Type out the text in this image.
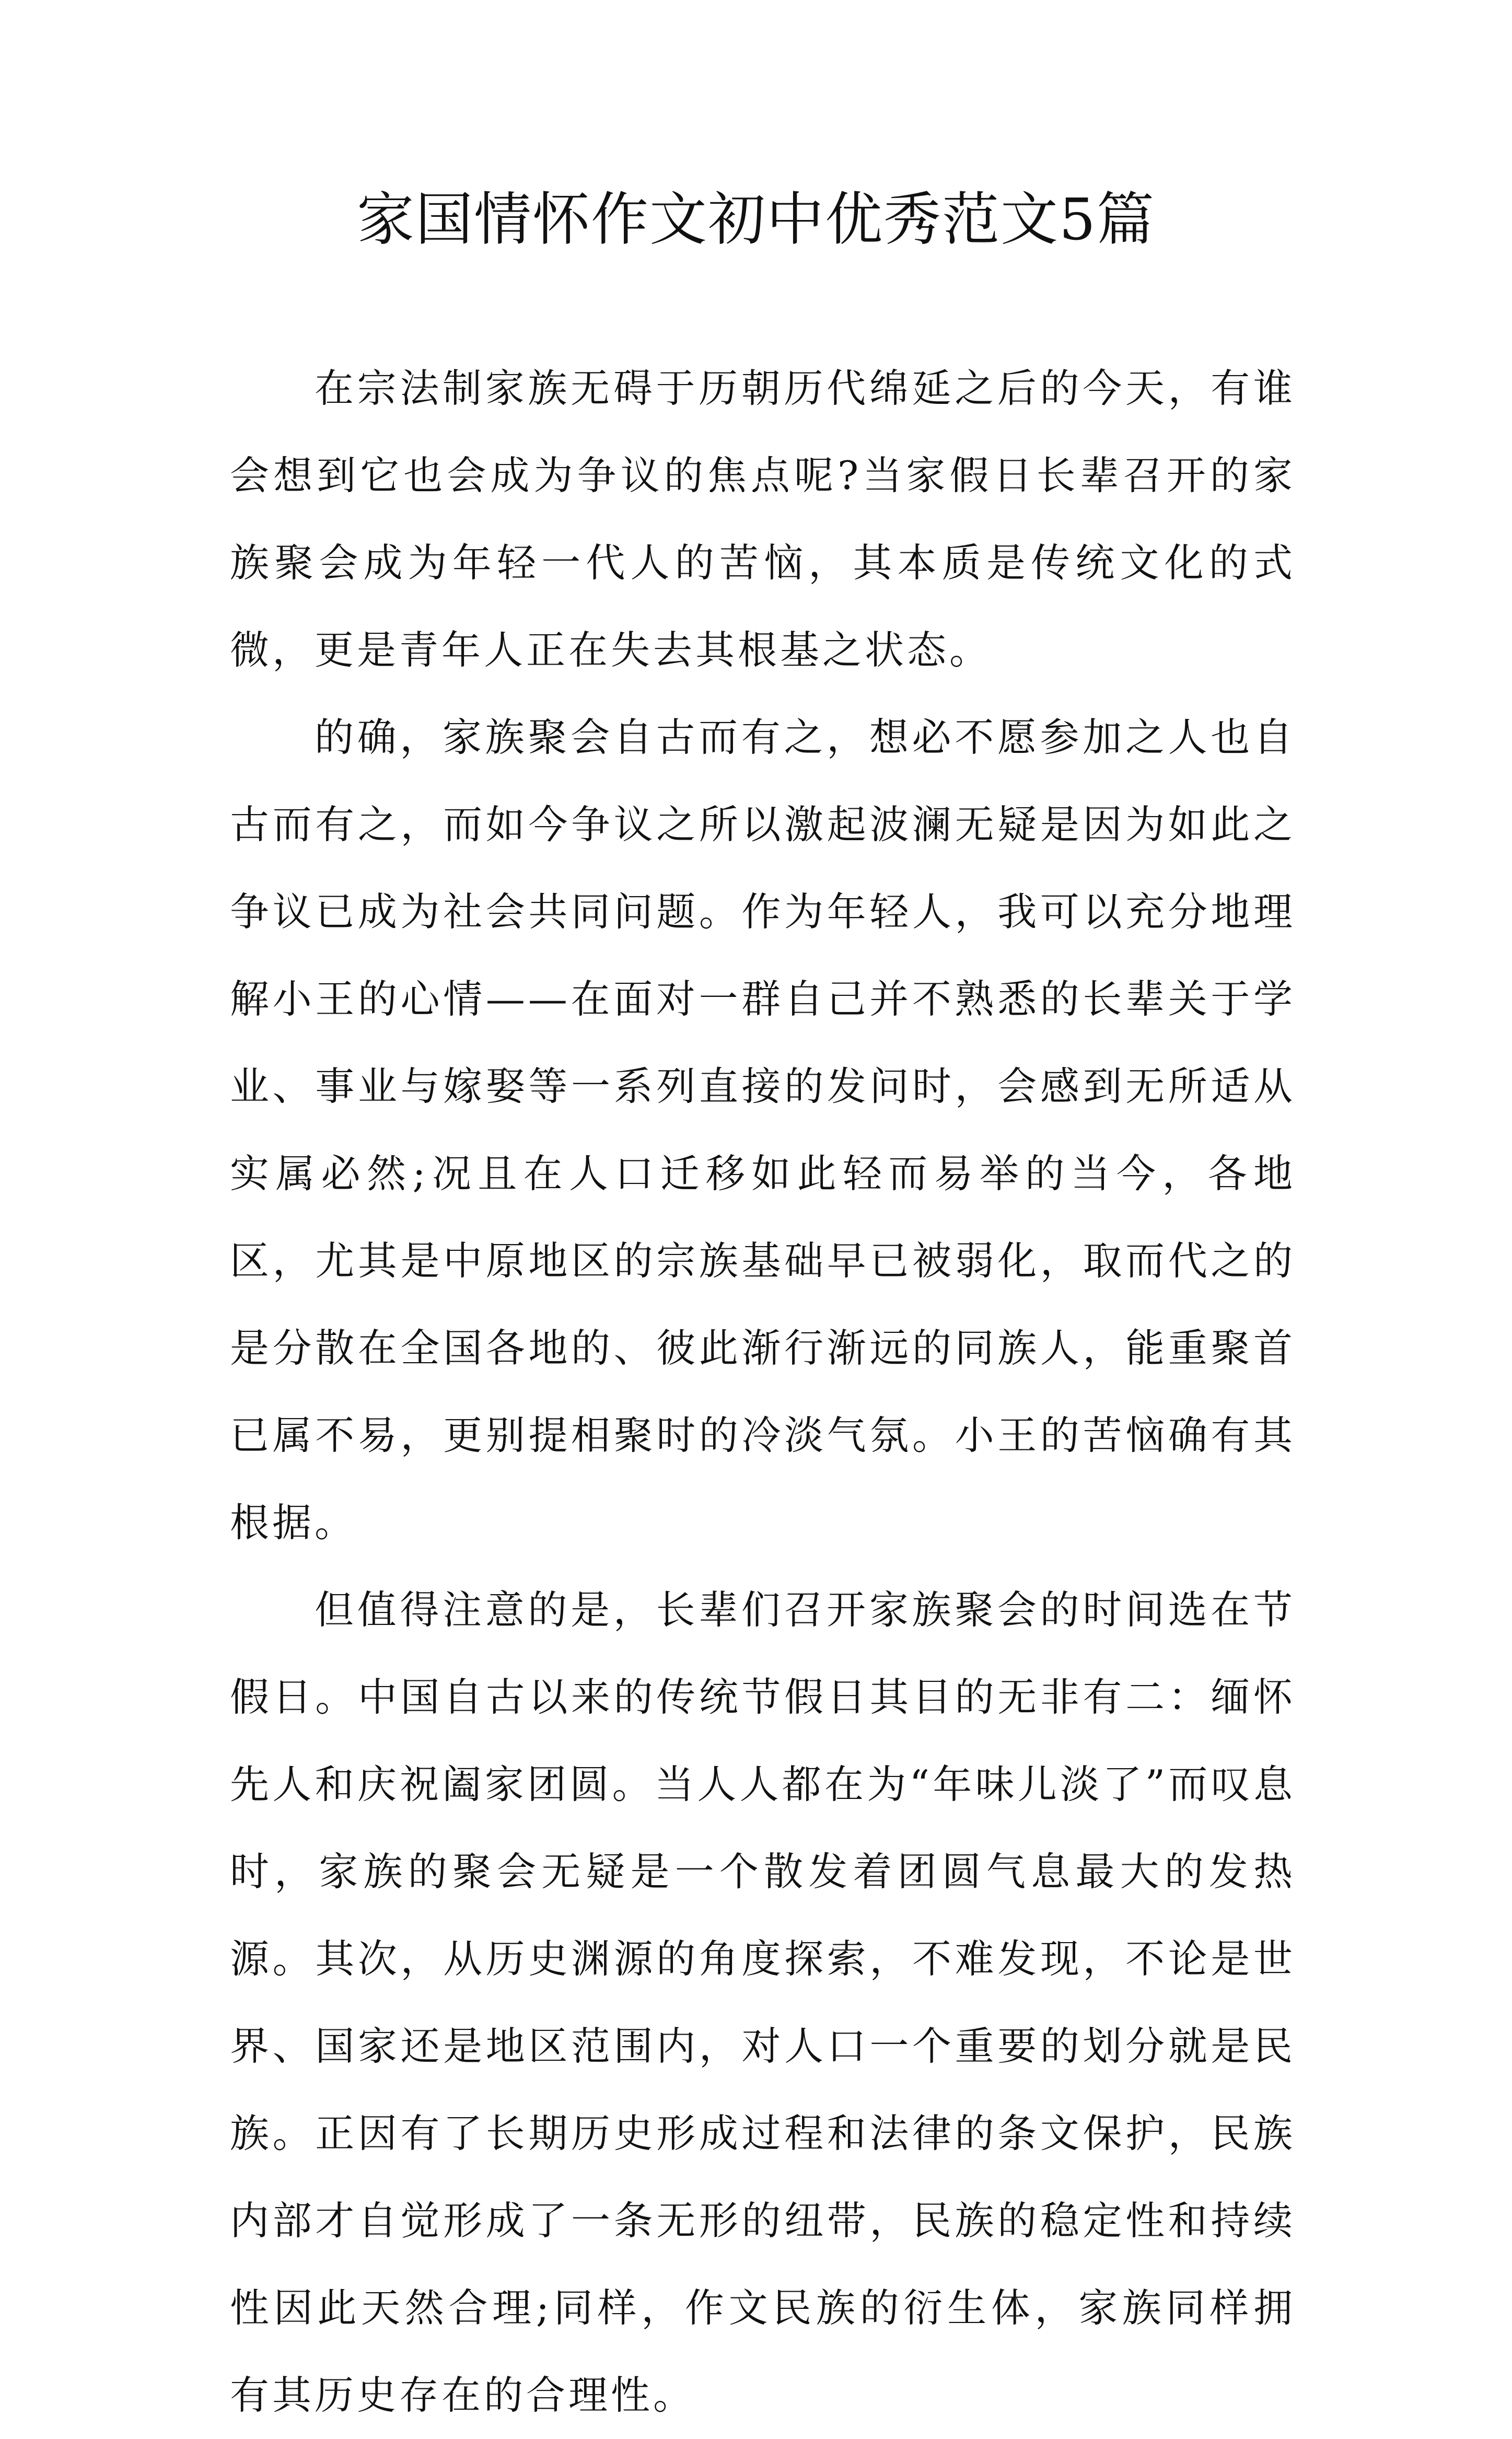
家国情怀作文初中优秀范文5篇

在宗法制家族无碍于历朝历代绵延之后的今天，有谁会想到它也会成为争议的焦点呢?当家假日长辈召开的家族聚会成为年轻一代人的苦恼，其本质是传统文化的式微，更是青年人正在失去其根基之状态。

的确，家族聚会自古而有之，想必不愿参加之人也自古而有之，而如今争议之所以激起波澜无疑是因为如此之争议已成为社会共同问题。作为年轻人，我可以充分地理解小王的心情——在面对一群自己并不熟悉的长辈关于学业、事业与嫁娶等一系列直接的发问时，会感到无所适从实属必然;况且在人口迁移如此轻而易举的当今，各地区，尤其是中原地区的宗族基础早已被弱化，取而代之的是分散在全国各地的、彼此渐行渐远的同族人，能重聚首已属不易，更别提相聚时的冷淡气氛。小王的苦恼确有其根据。

但值得注意的是，长辈们召开家族聚会的时间选在节假日。中国自古以来的传统节假日其目的无非有二：缅怀先人和庆祝阖家团圆。当人人都在为“年味儿淡了”而叹息时，家族的聚会无疑是一个散发着团圆气息最大的发热源。其次，从历史渊源的角度探索，不难发现，不论是世界、国家还是地区范围内，对人口一个重要的划分就是民族。正因有了长期历史形成过程和法律的条文保护，民族内部才自觉形成了一条无形的纽带，民族的稳定性和持续性因此天然合理;同样，作文民族的衍生体，家族同样拥有其历史存在的合理性。
